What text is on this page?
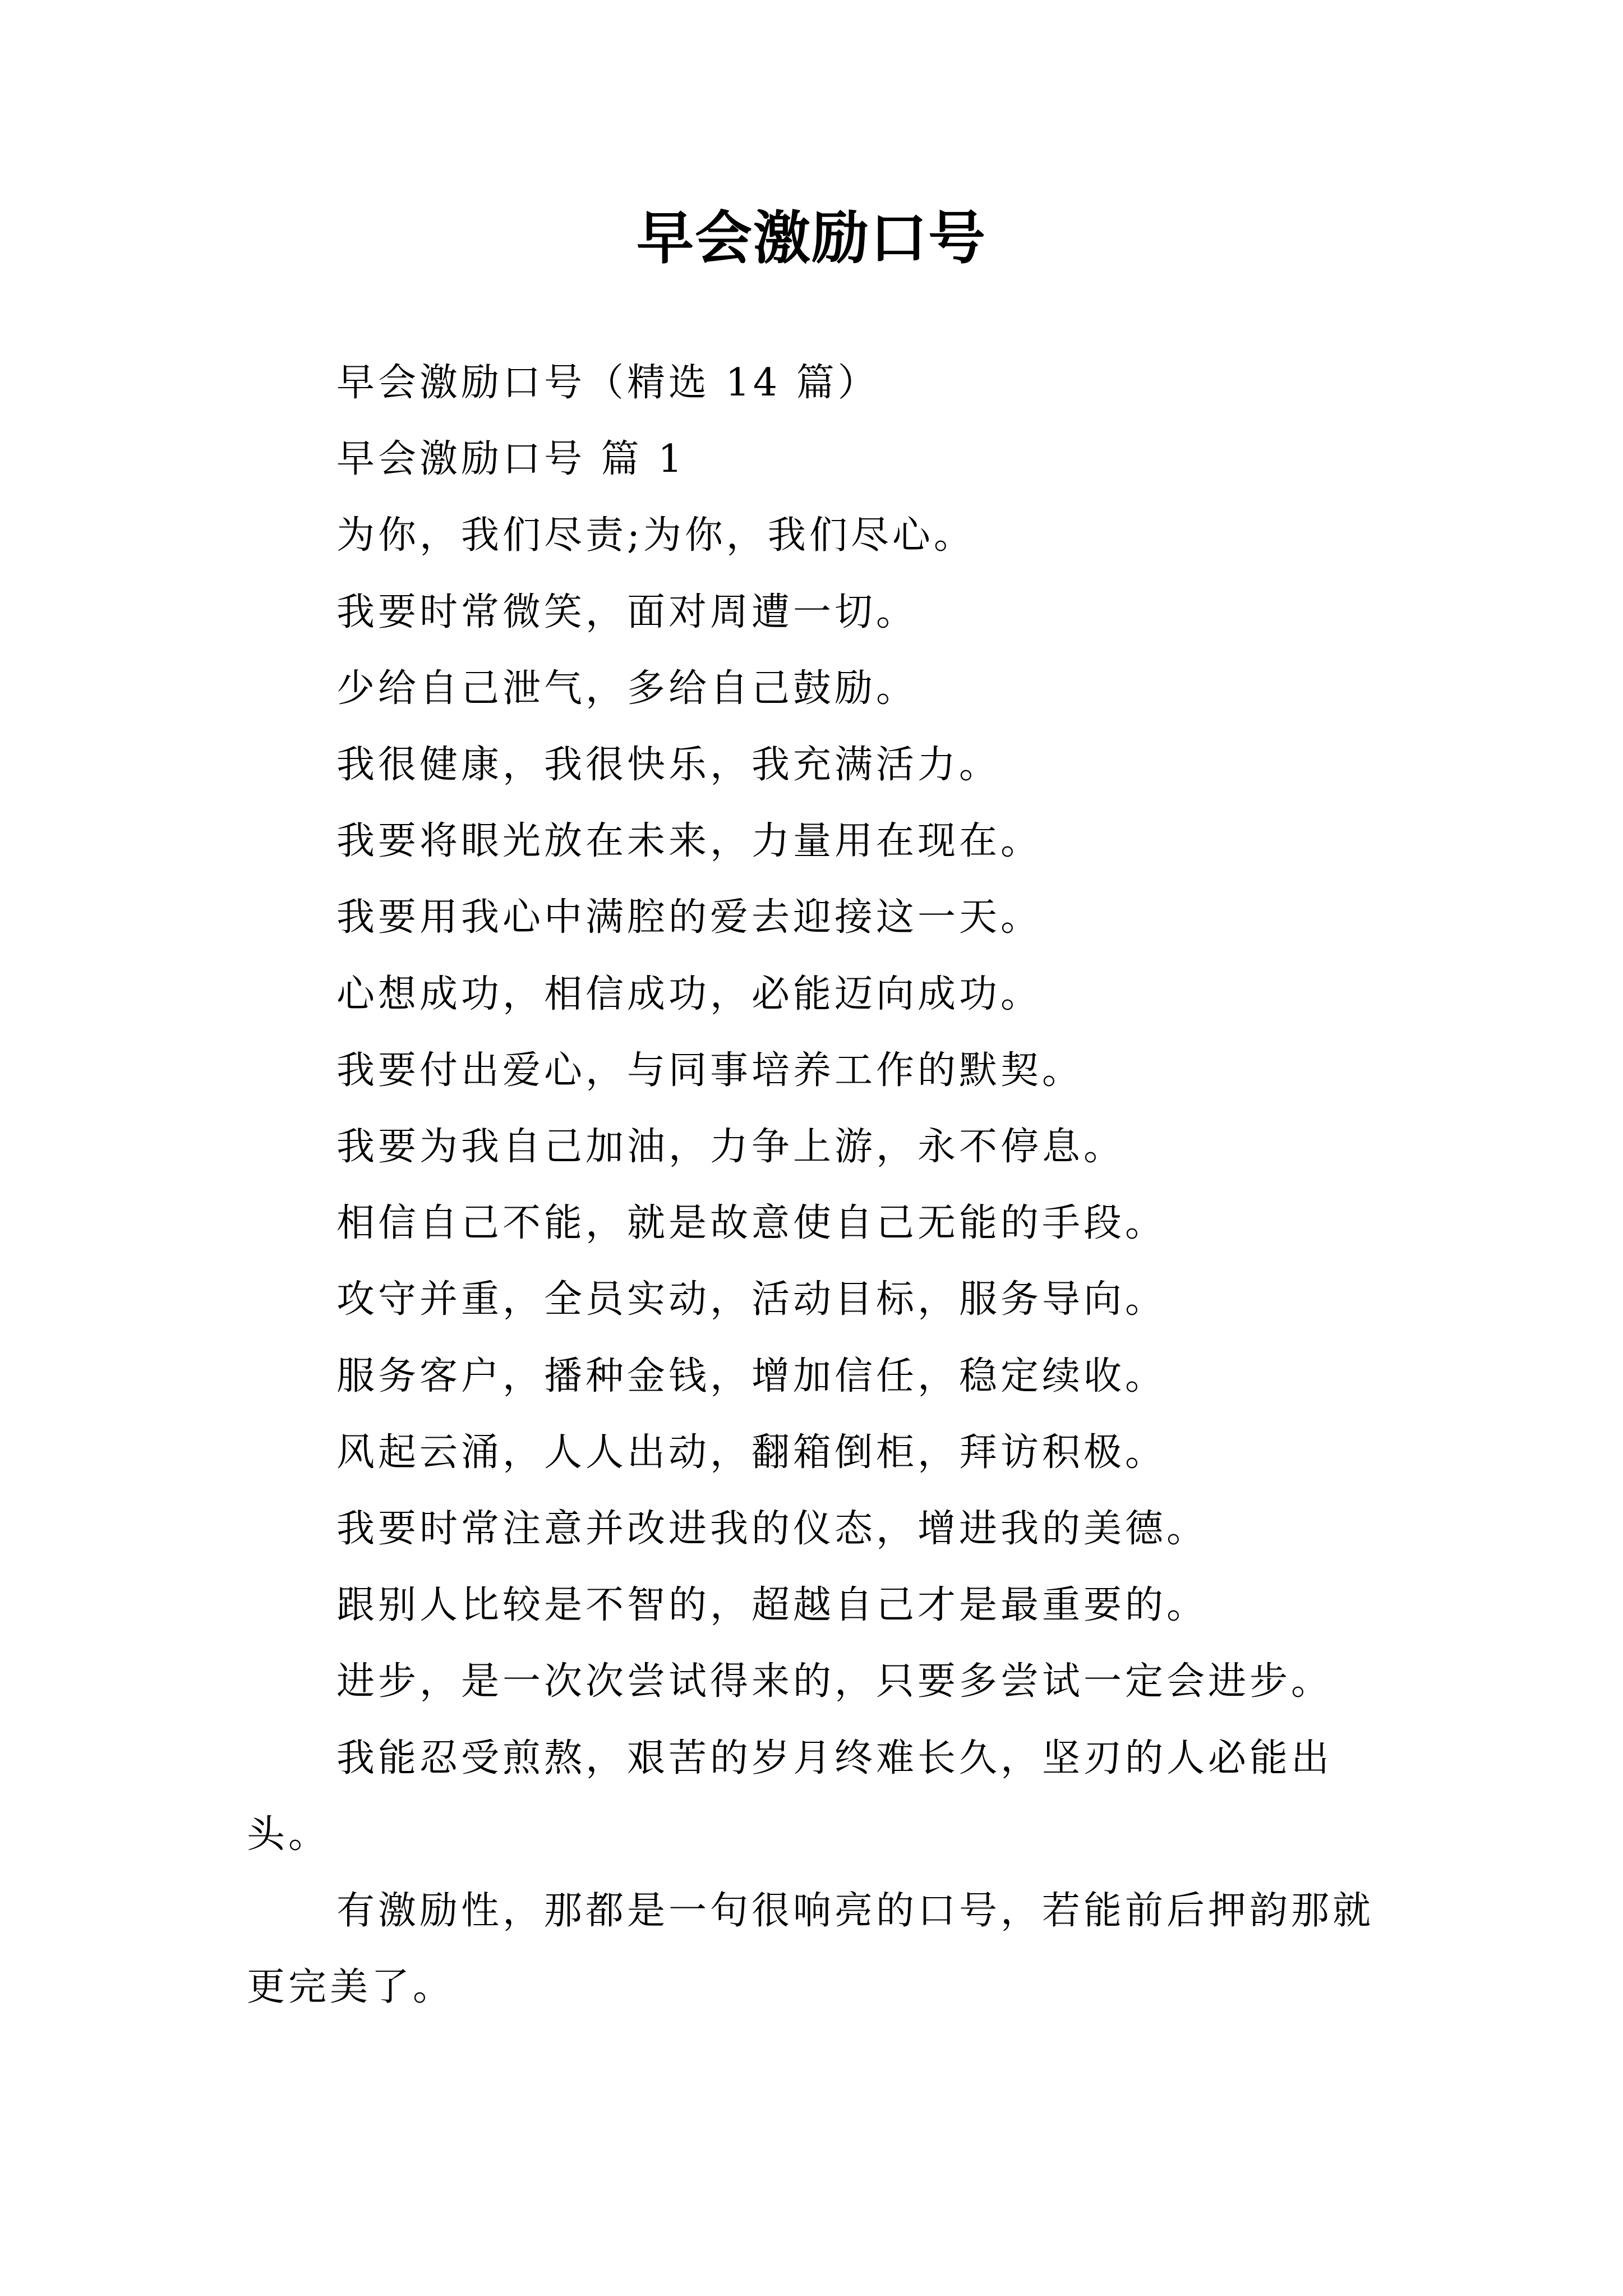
早会激励口号

早会激励口号（精选 14 篇）

早会激励口号 篇 1

为你，我们尽责;为你，我们尽心。

我要时常微笑，面对周遭一切。

少给自己泄气，多给自己鼓励。

我很健康，我很快乐，我充满活力。

我要将眼光放在未来，力量用在现在。

我要用我心中满腔的爱去迎接这一天。

心想成功，相信成功，必能迈向成功。

我要付出爱心，与同事培养工作的默契。

我要为我自己加油，力争上游，永不停息。

相信自己不能，就是故意使自己无能的手段。

攻守并重，全员实动，活动目标，服务导向。

服务客户，播种金钱，增加信任，稳定续收。

风起云涌，人人出动，翻箱倒柜，拜访积极。

我要时常注意并改进我的仪态，增进我的美德。

跟别人比较是不智的，超越自己才是最重要的。

进步，是一次次尝试得来的，只要多尝试一定会进步。

我能忍受煎熬，艰苦的岁月终难长久，坚刃的人必能出头。

有激励性，那都是一句很响亮的口号，若能前后押韵那就更完美了。
